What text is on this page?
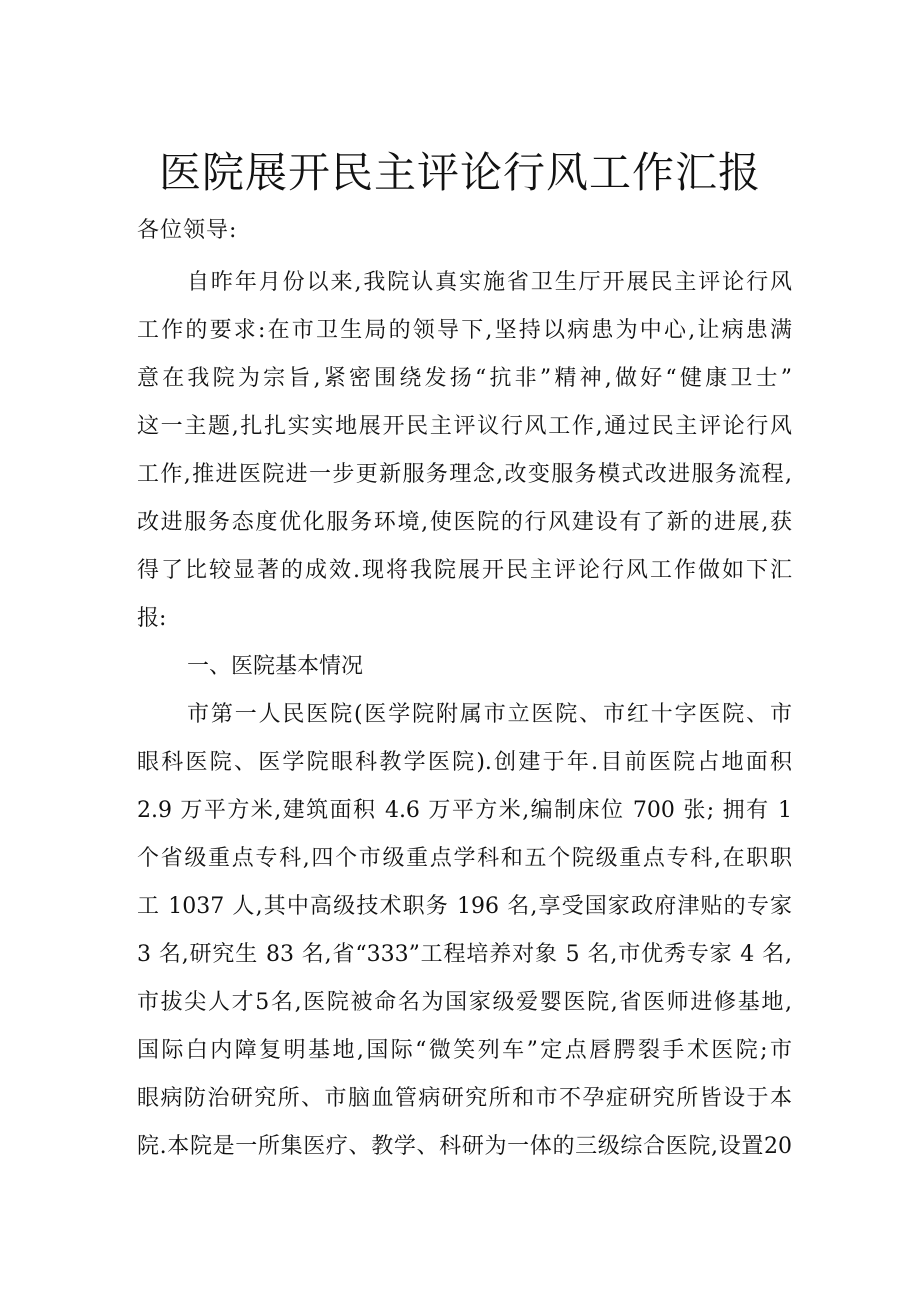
医院展开民主评论行风工作汇报
各位领导:
自昨年月份以来,我院认真实施省卫生厅开展民主评论行风
工作的要求:在市卫生局的领导下,坚持以病患为中心,让病患满
意在我院为宗旨,紧密围绕发扬“抗非”精神,做好“健康卫士”
这一主题,扎扎实实地展开民主评议行风工作,通过民主评论行风
工作,推进医院进一步更新服务理念,改变服务模式改进服务流程,
改进服务态度优化服务环境,使医院的行风建设有了新的进展,获
得了比较显著的成效.现将我院展开民主评论行风工作做如下汇
报:
一、医院基本情况
市第一人民医院(医学院附属市立医院、市红十字医院、市
眼科医院、医学院眼科教学医院).创建于年.目前医院占地面积
2.9 万平方米,建筑面积 4.6 万平方米,编制床位 700 张; 拥有 1
个省级重点专科,四个市级重点学科和五个院级重点专科,在职职
工 1037 人,其中高级技术职务 196 名,享受国家政府津贴的专家
3 名,研究生 83 名,省“333”工程培养对象 5 名,市优秀专家 4 名,
市拔尖人才5名,医院被命名为国家级爱婴医院,省医师进修基地,
国际白内障复明基地,国际“微笑列车”定点唇腭裂手术医院;市
眼病防治研究所、市脑血管病研究所和市不孕症研究所皆设于本
院.本院是一所集医疗、教学、科研为一体的三级综合医院,设置20
